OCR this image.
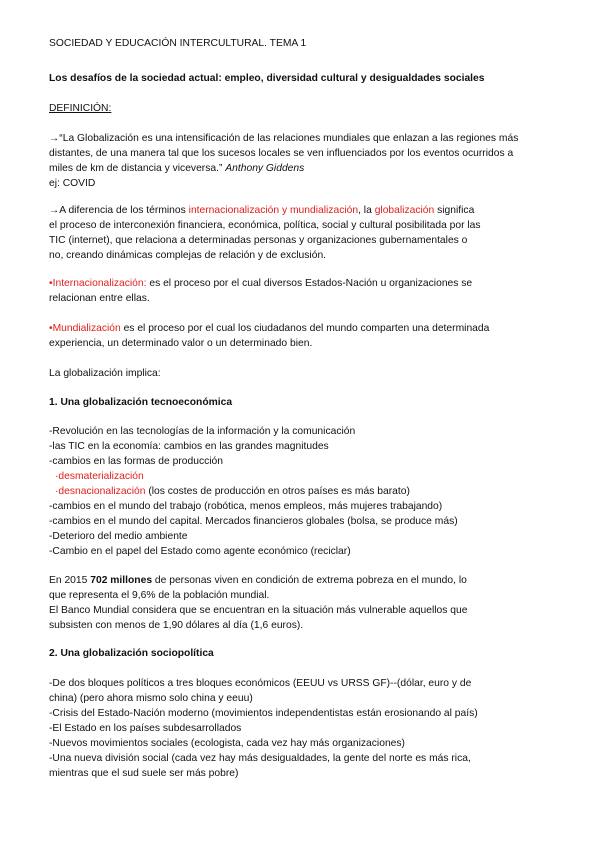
SOCIEDAD Y EDUCACIÓN INTERCULTURAL. TEMA 1
Los desafíos de la sociedad actual: empleo, diversidad cultural y desigualdades sociales
DEFINICIÓN:
→“La Globalización es una intensificación de las relaciones mundiales que enlazan a las regiones más
distantes, de una manera tal que los sucesos locales se ven influenciados por los eventos ocurridos a
miles de km de distancia y viceversa.” Anthony Giddens
ej: COVID
→A diferencia de los términos internacionalización y mundialización, la globalización significa
el proceso de interconexión financiera, económica, política, social y cultural posibilitada por las
TIC (internet), que relaciona a determinadas personas y organizaciones gubernamentales o
no, creando dinámicas complejas de relación y de exclusión.
•Internacionalización: es el proceso por el cual diversos Estados-Nación u organizaciones se
relacionan entre ellas.
•Mundialización es el proceso por el cual los ciudadanos del mundo comparten una determinada
experiencia, un determinado valor o un determinado bien.
La globalización implica:
1. Una globalización tecnoeconómica
-Revolución en las tecnologías de la información y la comunicación
-las TIC en la economía: cambios en las grandes magnitudes
-cambios en las formas de producción
·desmaterialización
·desnacionalización (los costes de producción en otros países es más barato)
-cambios en el mundo del trabajo (robótica, menos empleos, más mujeres trabajando)
-cambios en el mundo del capital. Mercados financieros globales (bolsa, se produce más)
-Deterioro del medio ambiente
-Cambio en el papel del Estado como agente económico (reciclar)
En 2015 702 millones de personas viven en condición de extrema pobreza en el mundo, lo
que representa el 9,6% de la población mundial.
El Banco Mundial considera que se encuentran en la situación más vulnerable aquellos que
subsisten con menos de 1,90 dólares al día (1,6 euros).
2. Una globalización sociopolítica
-De dos bloques políticos a tres bloques económicos (EEUU vs URSS GF)--(dólar, euro y de
china) (pero ahora mismo solo china y eeuu)
-Crisis del Estado-Nación moderno (movimientos independentistas están erosionando al país)
-El Estado en los países subdesarrollados
-Nuevos movimientos sociales (ecologista, cada vez hay más organizaciones)
-Una nueva división social (cada vez hay más desigualdades, la gente del norte es más rica,
mientras que el sud suele ser más pobre)
